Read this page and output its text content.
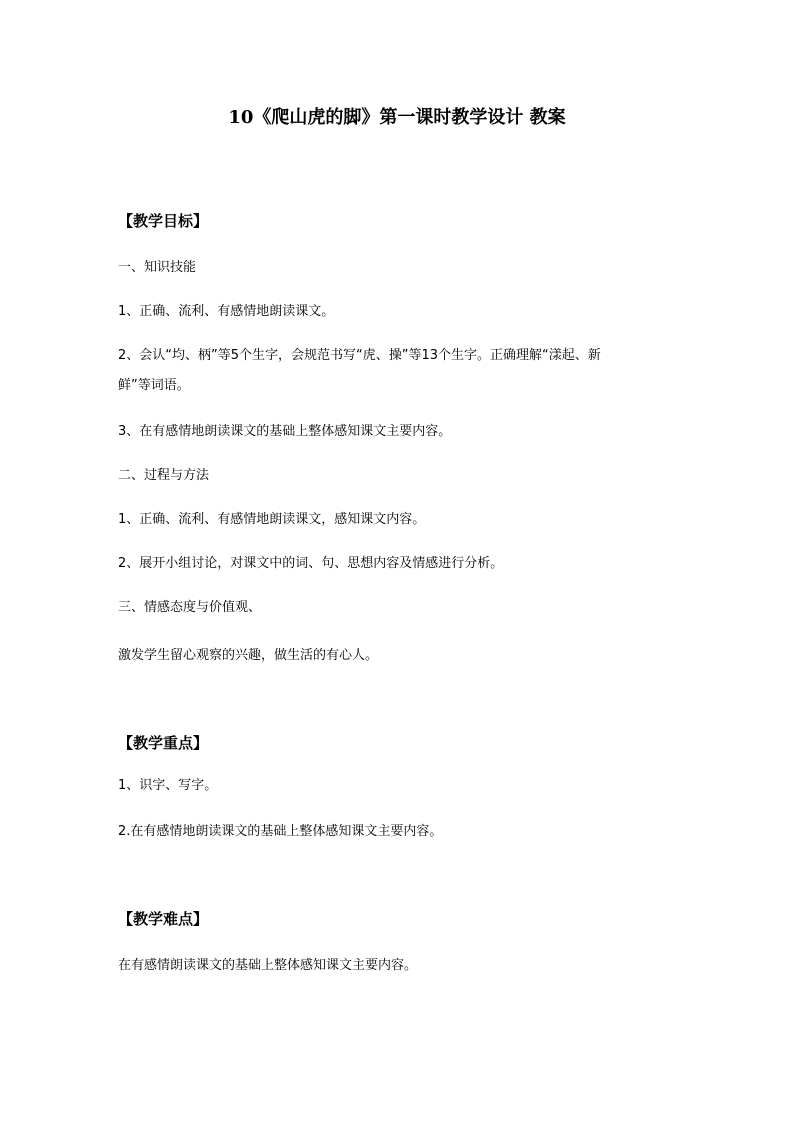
10《爬山虎的脚》第一课时教学设计 教案
【教学目标】
一、知识技能
1、正确、流利、有感情地朗读课文。
2、会认“均、柄”等5个生字，会规范书写“虎、操”等13个生字。正确理解“漾起、新
鲜”等词语。
3、在有感情地朗读课文的基础上整体感知课文主要内容。
二、过程与方法
1、正确、流利、有感情地朗读课文，感知课文内容。
2、展开小组讨论，对课文中的词、句、思想内容及情感进行分析。
三、情感态度与价值观、
激发学生留心观察的兴趣，做生活的有心人。
【教学重点】
1、识字、写字。
2.在有感情地朗读课文的基础上整体感知课文主要内容。
【教学难点】
在有感情朗读课文的基础上整体感知课文主要内容。
